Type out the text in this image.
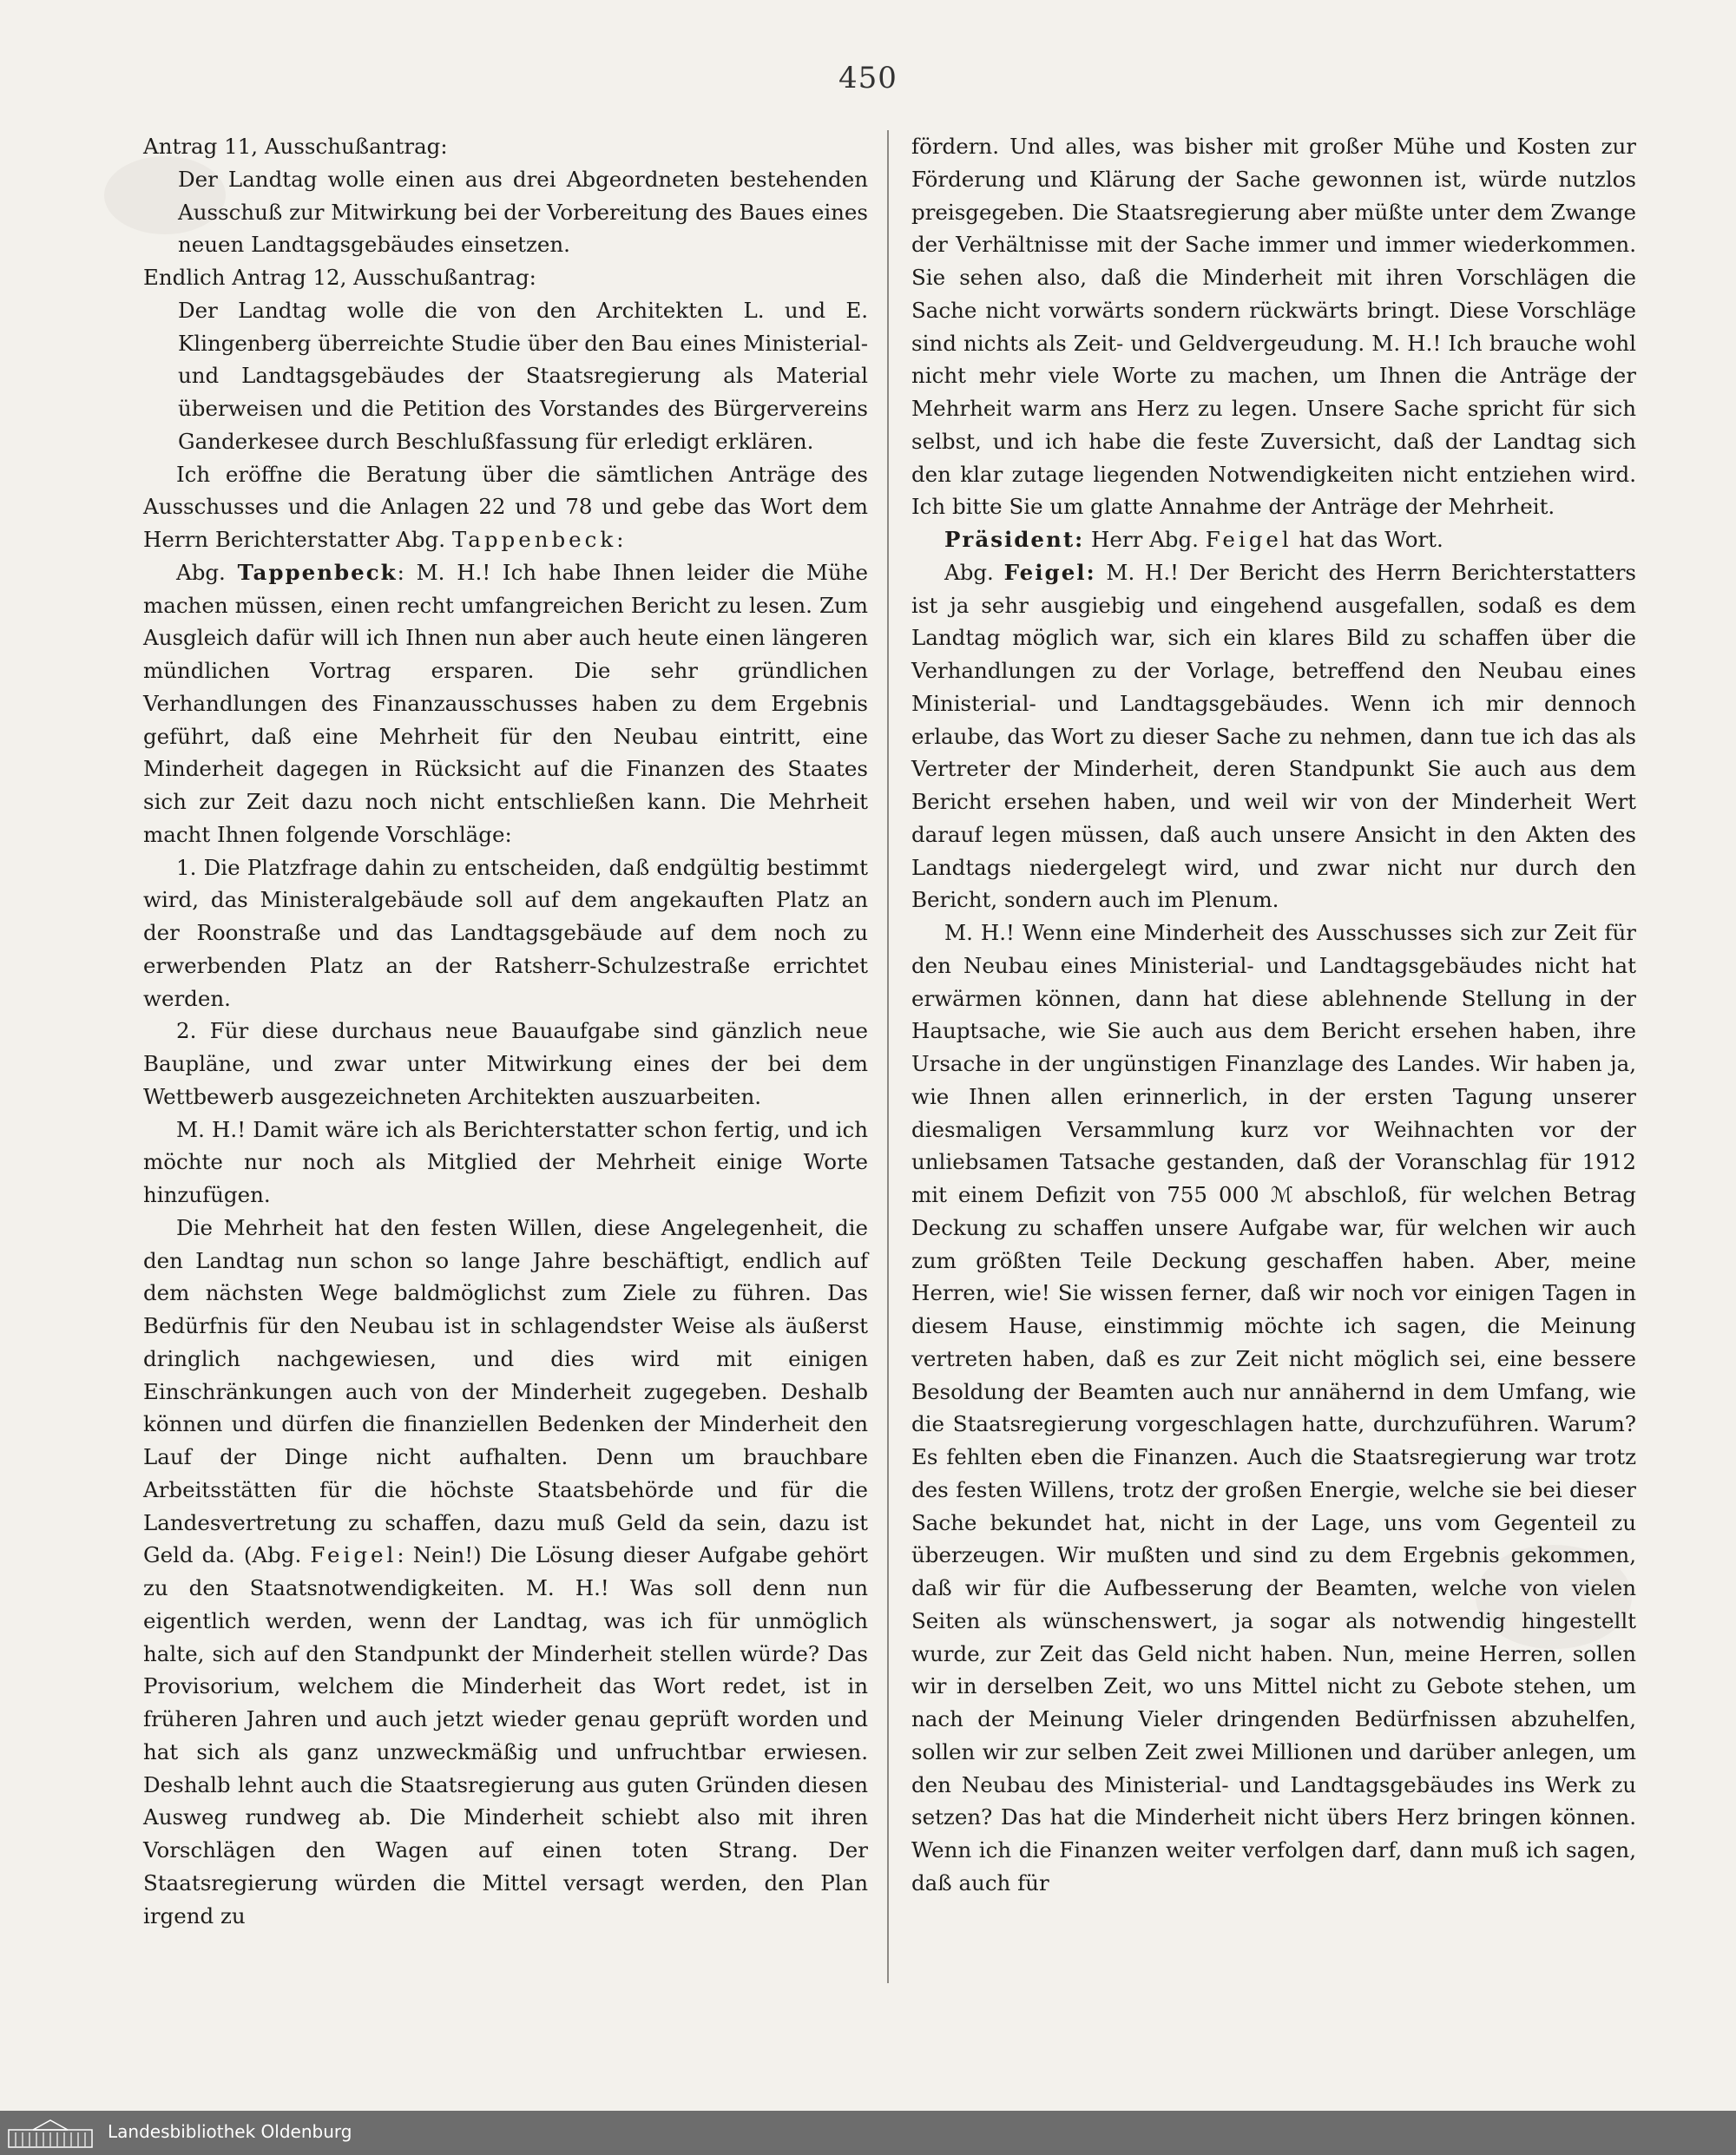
450

Antrag 11, Ausschußantrag:

Der Landtag wolle einen aus drei Abgeordneten bestehenden Ausschuß zur Mitwirkung bei der Vorbereitung des Baues eines neuen Landtagsgebäudes einsetzen.

Endlich Antrag 12, Ausschußantrag:

Der Landtag wolle die von den Architekten L. und E. Klingenberg überreichte Studie über den Bau eines Ministerial- und Landtagsgebäudes der Staatsregierung als Material überweisen und die Petition des Vorstandes des Bürgervereins Ganderkesee durch Beschlußfassung für erledigt erklären.

Ich eröffne die Beratung über die sämtlichen Anträge des Ausschusses und die Anlagen 22 und 78 und gebe das Wort dem Herrn Berichterstatter Abg. Tappenbeck:

Abg. Tappenbeck: M. H.! Ich habe Ihnen leider die Mühe machen müssen, einen recht umfangreichen Bericht zu lesen. Zum Ausgleich dafür will ich Ihnen nun aber auch heute einen längeren mündlichen Vortrag ersparen. Die sehr gründlichen Verhandlungen des Finanzausschusses haben zu dem Ergebnis geführt, daß eine Mehrheit für den Neubau eintritt, eine Minderheit dagegen in Rücksicht auf die Finanzen des Staates sich zur Zeit dazu noch nicht entschließen kann. Die Mehrheit macht Ihnen folgende Vorschläge:

1. Die Platzfrage dahin zu entscheiden, daß endgültig bestimmt wird, das Ministeralgebäude soll auf dem angekauften Platz an der Roonstraße und das Landtagsgebäude auf dem noch zu erwerbenden Platz an der Ratsherr-Schulzestraße errichtet werden.

2. Für diese durchaus neue Bauaufgabe sind gänzlich neue Baupläne, und zwar unter Mitwirkung eines der bei dem Wettbewerb ausgezeichneten Architekten auszuarbeiten.

M. H.! Damit wäre ich als Berichterstatter schon fertig, und ich möchte nur noch als Mitglied der Mehrheit einige Worte hinzufügen.

Die Mehrheit hat den festen Willen, diese Angelegenheit, die den Landtag nun schon so lange Jahre beschäftigt, endlich auf dem nächsten Wege baldmöglichst zum Ziele zu führen. Das Bedürfnis für den Neubau ist in schlagendster Weise als äußerst dringlich nachgewiesen, und dies wird mit einigen Einschränkungen auch von der Minderheit zugegeben. Deshalb können und dürfen die finanziellen Bedenken der Minderheit den Lauf der Dinge nicht aufhalten. Denn um brauchbare Arbeitsstätten für die höchste Staatsbehörde und für die Landesvertretung zu schaffen, dazu muß Geld da sein, dazu ist Geld da. (Abg. Feigel: Nein!) Die Lösung dieser Aufgabe gehört zu den Staatsnotwendigkeiten. M. H.! Was soll denn nun eigentlich werden, wenn der Landtag, was ich für unmöglich halte, sich auf den Standpunkt der Minderheit stellen würde? Das Provisorium, welchem die Minderheit das Wort redet, ist in früheren Jahren und auch jetzt wieder genau geprüft worden und hat sich als ganz unzweckmäßig und unfruchtbar erwiesen. Deshalb lehnt auch die Staatsregierung aus guten Gründen diesen Ausweg rundweg ab. Die Minderheit schiebt also mit ihren Vorschlägen den Wagen auf einen toten Strang. Der Staatsregierung würden die Mittel versagt werden, den Plan irgend zu

fördern. Und alles, was bisher mit großer Mühe und Kosten zur Förderung und Klärung der Sache gewonnen ist, würde nutzlos preisgegeben. Die Staatsregierung aber müßte unter dem Zwange der Verhältnisse mit der Sache immer und immer wiederkommen. Sie sehen also, daß die Minderheit mit ihren Vorschlägen die Sache nicht vorwärts sondern rückwärts bringt. Diese Vorschläge sind nichts als Zeit- und Geldvergeudung. M. H.! Ich brauche wohl nicht mehr viele Worte zu machen, um Ihnen die Anträge der Mehrheit warm ans Herz zu legen. Unsere Sache spricht für sich selbst, und ich habe die feste Zuversicht, daß der Landtag sich den klar zutage liegenden Notwendigkeiten nicht entziehen wird. Ich bitte Sie um glatte Annahme der Anträge der Mehrheit.

Präsident: Herr Abg. Feigel hat das Wort.

Abg. Feigel: M. H.! Der Bericht des Herrn Berichterstatters ist ja sehr ausgiebig und eingehend ausgefallen, sodaß es dem Landtag möglich war, sich ein klares Bild zu schaffen über die Verhandlungen zu der Vorlage, betreffend den Neubau eines Ministerial- und Landtagsgebäudes. Wenn ich mir dennoch erlaube, das Wort zu dieser Sache zu nehmen, dann tue ich das als Vertreter der Minderheit, deren Standpunkt Sie auch aus dem Bericht ersehen haben, und weil wir von der Minderheit Wert darauf legen müssen, daß auch unsere Ansicht in den Akten des Landtags niedergelegt wird, und zwar nicht nur durch den Bericht, sondern auch im Plenum.

M. H.! Wenn eine Minderheit des Ausschusses sich zur Zeit für den Neubau eines Ministerial- und Landtagsgebäudes nicht hat erwärmen können, dann hat diese ablehnende Stellung in der Hauptsache, wie Sie auch aus dem Bericht ersehen haben, ihre Ursache in der ungünstigen Finanzlage des Landes. Wir haben ja, wie Ihnen allen erinnerlich, in der ersten Tagung unserer diesmaligen Versammlung kurz vor Weihnachten vor der unliebsamen Tatsache gestanden, daß der Voranschlag für 1912 mit einem Defizit von 755 000 ℳ abschloß, für welchen Betrag Deckung zu schaffen unsere Aufgabe war, für welchen wir auch zum größten Teile Deckung geschaffen haben. Aber, meine Herren, wie! Sie wissen ferner, daß wir noch vor einigen Tagen in diesem Hause, einstimmig möchte ich sagen, die Meinung vertreten haben, daß es zur Zeit nicht möglich sei, eine bessere Besoldung der Beamten auch nur annähernd in dem Umfang, wie die Staatsregierung vorgeschlagen hatte, durchzuführen. Warum? Es fehlten eben die Finanzen. Auch die Staatsregierung war trotz des festen Willens, trotz der großen Energie, welche sie bei dieser Sache bekundet hat, nicht in der Lage, uns vom Gegenteil zu überzeugen. Wir mußten und sind zu dem Ergebnis gekommen, daß wir für die Aufbesserung der Beamten, welche von vielen Seiten als wünschenswert, ja sogar als notwendig hingestellt wurde, zur Zeit das Geld nicht haben. Nun, meine Herren, sollen wir in derselben Zeit, wo uns Mittel nicht zu Gebote stehen, um nach der Meinung Vieler dringenden Bedürfnissen abzuhelfen, sollen wir zur selben Zeit zwei Millionen und darüber anlegen, um den Neubau des Ministerial- und Landtagsgebäudes ins Werk zu setzen? Das hat die Minderheit nicht übers Herz bringen können. Wenn ich die Finanzen weiter verfolgen darf, dann muß ich sagen, daß auch für

Landesbibliothek Oldenburg
